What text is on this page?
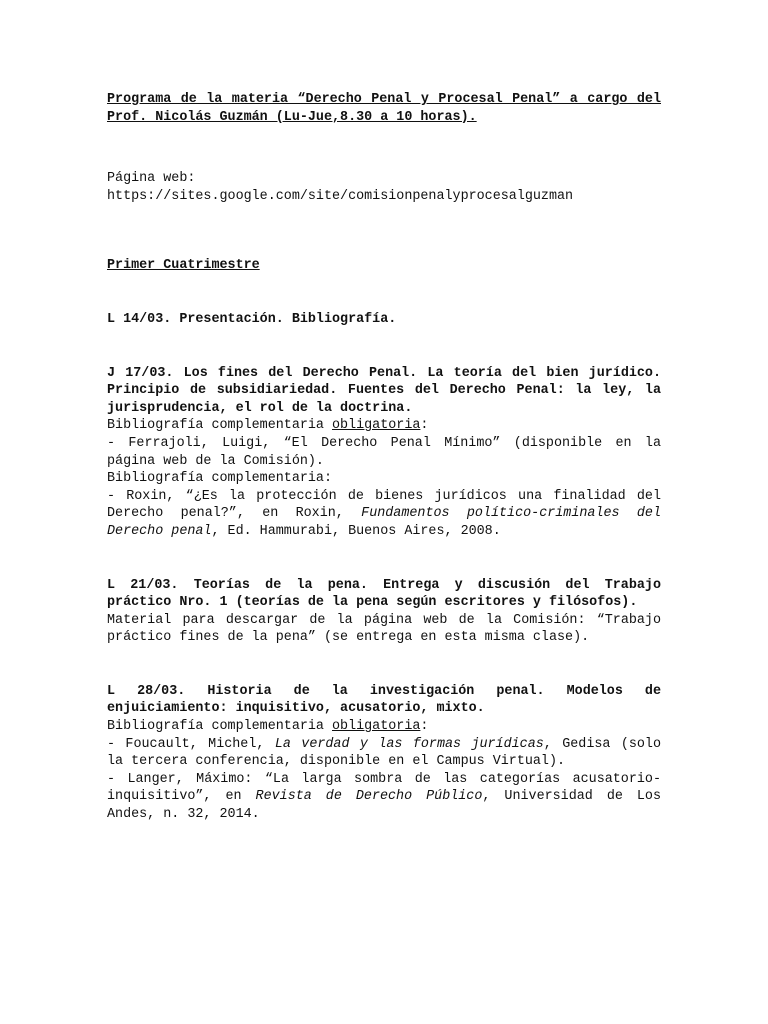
Programa de la materia “Derecho Penal y Procesal Penal” a cargo del Prof. Nicolás Guzmán (Lu-Jue,8.30 a 10 horas).

Página web:

https://sites.google.com/site/comisionpenalyprocesalguzman

Primer Cuatrimestre

L 14/03. Presentación. Bibliografía.

J 17/03. Los fines del Derecho Penal. La teoría del bien jurídico. Principio de subsidiariedad. Fuentes del Derecho Penal: la ley, la jurisprudencia, el rol de la doctrina.

Bibliografía complementaria obligatoria:

- Ferrajoli, Luigi, “El Derecho Penal Mínimo” (disponible en la página web de la Comisión).

Bibliografía complementaria:

- Roxin, “¿Es la protección de bienes jurídicos una finalidad del Derecho penal?”, en Roxin, Fundamentos político-criminales del Derecho penal, Ed. Hammurabi, Buenos Aires, 2008.

L 21/03. Teorías de la pena. Entrega y discusión del Trabajo práctico Nro. 1 (teorías de la pena según escritores y filósofos).

Material para descargar de la página web de la Comisión: “Trabajo práctico fines de la pena” (se entrega en esta misma clase).

L 28/03. Historia de la investigación penal. Modelos de enjuiciamiento: inquisitivo, acusatorio, mixto.

Bibliografía complementaria obligatoria:

- Foucault, Michel, La verdad y las formas jurídicas, Gedisa (solo la tercera conferencia, disponible en el Campus Virtual).

- Langer, Máximo: “La larga sombra de las categorías acusatorio-inquisitivo”, en Revista de Derecho Público, Universidad de Los Andes, n. 32, 2014.
